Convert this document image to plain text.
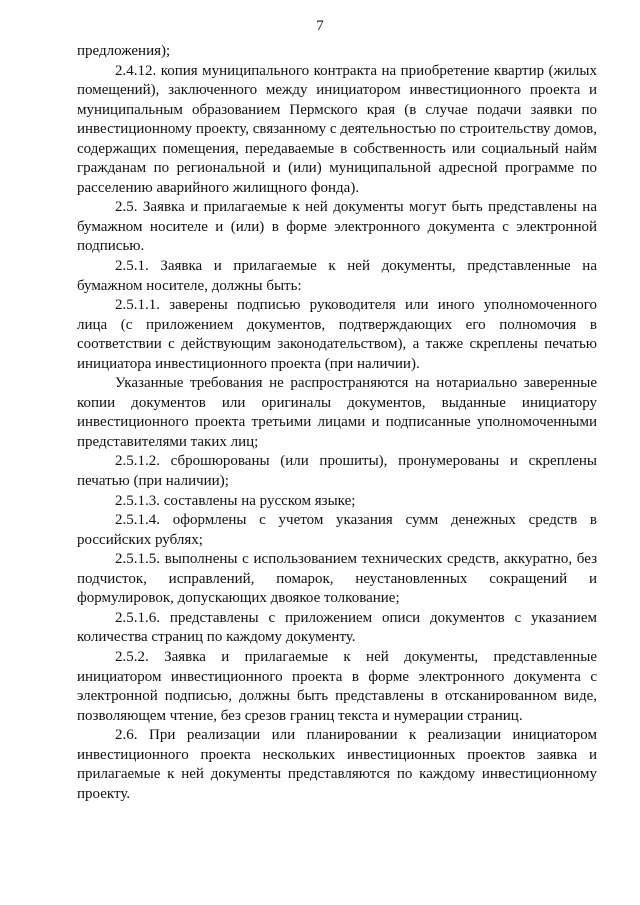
7

предложения);

2.4.12. копия муниципального контракта на приобретение квартир (жилых помещений), заключенного между инициатором инвестиционного проекта и муниципальным образованием Пермского края (в случае подачи заявки по инвестиционному проекту, связанному с деятельностью по строительству домов, содержащих помещения, передаваемые в собственность или социальный найм гражданам по региональной и (или) муниципальной адресной программе по расселению аварийного жилищного фонда).

2.5. Заявка и прилагаемые к ней документы могут быть представлены на бумажном носителе и (или) в форме электронного документа с электронной подписью.

2.5.1. Заявка и прилагаемые к ней документы, представленные на бумажном носителе, должны быть:

2.5.1.1. заверены подписью руководителя или иного уполномоченного лица (с приложением документов, подтверждающих его полномочия в соответствии с действующим законодательством), а также скреплены печатью инициатора инвестиционного проекта (при наличии).

Указанные требования не распространяются на нотариально заверенные копии документов или оригиналы документов, выданные инициатору инвестиционного проекта третьими лицами и подписанные уполномоченными представителями таких лиц;

2.5.1.2. сброшюрованы (или прошиты), пронумерованы и скреплены печатью (при наличии);

2.5.1.3. составлены на русском языке;

2.5.1.4. оформлены с учетом указания сумм денежных средств в российских рублях;

2.5.1.5. выполнены с использованием технических средств, аккуратно, без подчисток, исправлений, помарок, неустановленных сокращений и формулировок, допускающих двоякое толкование;

2.5.1.6. представлены с приложением описи документов с указанием количества страниц по каждому документу.

2.5.2. Заявка и прилагаемые к ней документы, представленные инициатором инвестиционного проекта в форме электронного документа с электронной подписью, должны быть представлены в отсканированном виде, позволяющем чтение, без срезов границ текста и нумерации страниц.

2.6. При реализации или планировании к реализации инициатором инвестиционного проекта нескольких инвестиционных проектов заявка и прилагаемые к ней документы представляются по каждому инвестиционному проекту.
